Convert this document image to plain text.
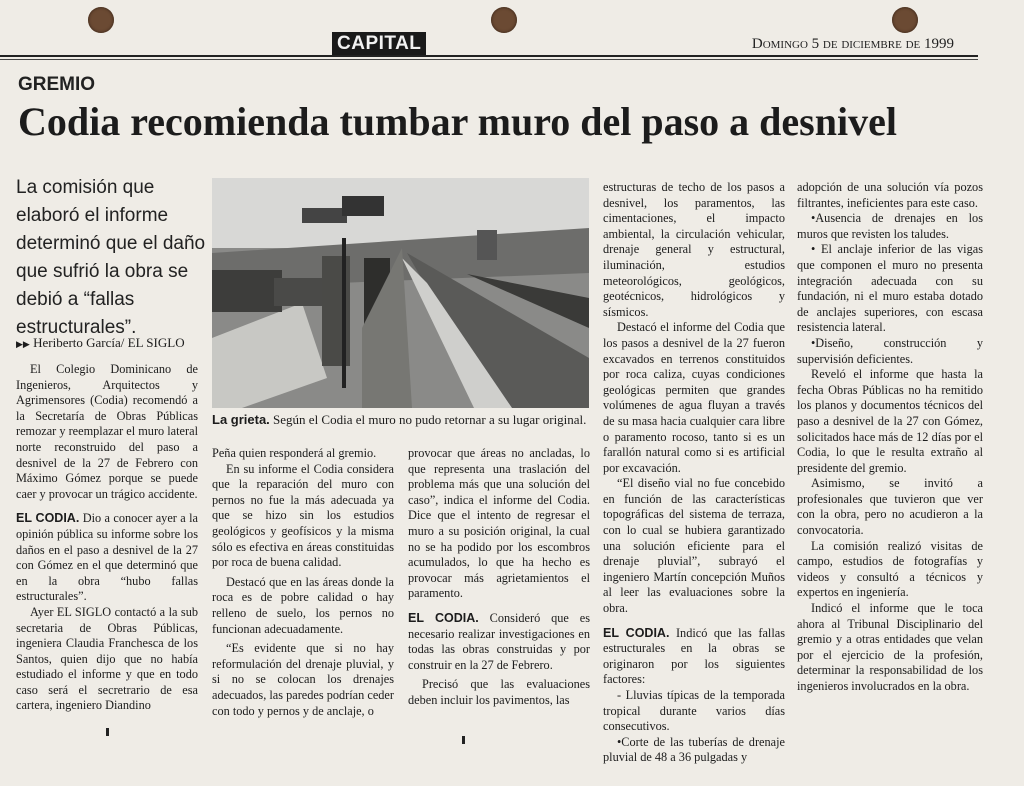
CAPITAL	Domingo 5 de diciembre de 1999
GREMIO
Codia recomienda tumbar muro del paso a desnivel

La comisión que elaboró el informe determinó que el daño que sufrió la obra se debió a “fallas estructurales”.

▶▶ Heriberto García/ EL SIGLO

El Colegio Dominicano de Ingenieros, Arquitectos y Agrimensores (Codia) recomendó a la Secretaría de Obras Públicas remozar y reemplazar el muro lateral norte reconstruido del paso a desnivel de la 27 de Febrero con Máximo Gómez porque se puede caer y provocar un trágico accidente.

EL CODIA. Dio a conocer ayer a la opinión pública su informe sobre los daños en el paso a desnivel de la 27 con Gómez en el que determinó que en la obra “hubo fallas estructurales”.

Ayer EL SIGLO contactó a la sub secretaria de Obras Públicas, ingeniera Claudia Franchesca de los Santos, quien dijo que no había estudiado el informe y que en todo caso será el secretrario de esa cartera, ingeniero Diandino

La grieta. Según el Codia el muro no pudo retornar a su lugar original.

Peña quien responderá al gremio.

En su informe el Codia considera que la reparación del muro con pernos no fue la más adecuada ya que se hizo sin los estudios geológicos y geofísicos y la misma sólo es efectiva en áreas constituidas por roca de buena calidad.

Destacó que en las áreas donde la roca es de pobre calidad o hay relleno de suelo, los pernos no funcionan adecuadamente.

“Es evidente que si no hay reformulación del drenaje pluvial, y si no se colocan los drenajes adecuados, las paredes podrían ceder con todo y pernos y de anclaje, o

provocar que áreas no ancladas, lo que representa una traslación del problema más que una solución del caso”, indica el informe del Codia. Dice que el intento de regresar el muro a su posición original, la cual no se ha podido por los escombros acumulados, lo que ha hecho es provocar más agrietamientos el paramento.

EL CODIA. Consideró que es necesario realizar investigaciones en todas las obras construidas y por construir en la 27 de Febrero.

Precisó que las evaluaciones deben incluir los pavimentos, las

estructuras de techo de los pasos a desnivel, los paramentos, las cimentaciones, el impacto ambiental, la circulación vehicular, drenaje general y estructural, iluminación, estudios meteorológicos, geológicos, geotécnicos, hidrológicos y sísmicos.

Destacó el informe del Codia que los pasos a desnivel de la 27 fueron excavados en terrenos constituidos por roca caliza, cuyas condiciones geológicas permiten que grandes volúmenes de agua fluyan a través de su masa hacia cualquier cara libre o paramento rocoso, tanto si es un farallón natural como si es artificial por excavación.

“El diseño vial no fue concebido en función de las características topográficas del sistema de terraza, con lo cual se hubiera garantizado una solución eficiente para el drenaje pluvial”, subrayó el ingeniero Martín concepción Muños al leer las evaluaciones sobre la obra.

EL CODIA. Indicó que las fallas estructurales en la obras se originaron por los siguientes factores:

- Lluvias típicas de la temporada tropical durante varios días consecutivos.

•Corte de las tuberías de drenaje pluvial de 48 a 36 pulgadas y

adopción de una solución vía pozos filtrantes, ineficientes para este caso.

•Ausencia de drenajes en los muros que revisten los taludes.

• El anclaje inferior de las vigas que componen el muro no presenta integración adecuada con su fundación, ni el muro estaba dotado de anclajes superiores, con escasa resistencia lateral.

•Diseño, construcción y supervisión deficientes.

Reveló el informe que hasta la fecha Obras Públicas no ha remitido los planos y documentos técnicos del paso a desnivel de la 27 con Gómez, solicitados hace más de 12 días por el Codia, lo que le resulta extraño al presidente del gremio.

Asimismo, se invitó a profesionales que tuvieron que ver con la obra, pero no acudieron a la convocatoria.

La comisión realizó visitas de campo, estudios de fotografías y videos y consultó a técnicos y expertos en ingeniería.

Indicó el informe que le toca ahora al Tribunal Disciplinario del gremio y a otras entidades que velan por el ejercicio de la profesión, determinar la responsabilidad de los ingenieros involucrados en la obra.
